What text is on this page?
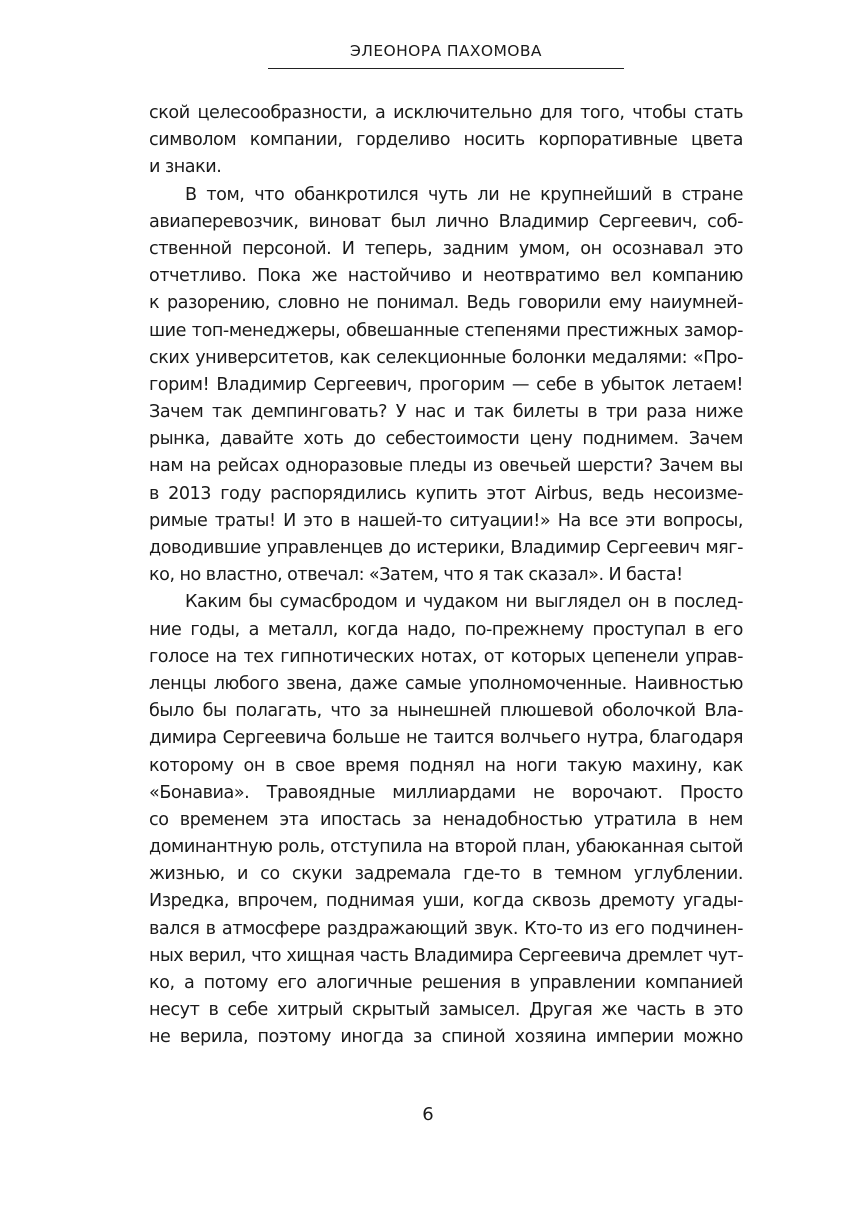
ЭЛЕОНОРА ПАХОМОВА
ской целесообразности, а исключительно для того, чтобы стать
символом компании, горделиво носить корпоративные цвета
и знаки.
В том, что обанкротился чуть ли не крупнейший в стране
авиаперевозчик, виноват был лично Владимир Сергеевич, соб-
ственной персоной. И теперь, задним умом, он осознавал это
отчетливо. Пока же настойчиво и неотвратимо вел компанию
к разорению, словно не понимал. Ведь говорили ему наиумней-
шие топ-менеджеры, обвешанные степенями престижных замор-
ских университетов, как селекционные болонки медалями: «Про-
горим! Владимир Сергеевич, прогорим — себе в убыток летаем!
Зачем так демпинговать? У нас и так билеты в три раза ниже
рынка, давайте хоть до себестоимости цену поднимем. Зачем
нам на рейсах одноразовые пледы из овечьей шерсти? Зачем вы
в 2013 году распорядились купить этот Airbus, ведь несоизме-
римые траты! И это в нашей-то ситуации!» На все эти вопросы,
доводившие управленцев до истерики, Владимир Сергеевич мяг-
ко, но властно, отвечал: «Затем, что я так сказал». И баста!
Каким бы сумасбродом и чудаком ни выглядел он в послед-
ние годы, а металл, когда надо, по-прежнему проступал в его
голосе на тех гипнотических нотах, от которых цепенели управ-
ленцы любого звена, даже самые уполномоченные. Наивностью
было бы полагать, что за нынешней плюшевой оболочкой Вла-
димира Сергеевича больше не таится волчьего нутра, благодаря
которому он в свое время поднял на ноги такую махину, как
«Бонавиа». Травоядные миллиардами не ворочают. Просто
со временем эта ипостась за ненадобностью утратила в нем
доминантную роль, отступила на второй план, убаюканная сытой
жизнью, и со скуки задремала где-то в темном углублении.
Изредка, впрочем, поднимая уши, когда сквозь дремоту угады-
вался в атмосфере раздражающий звук. Кто-то из его подчинен-
ных верил, что хищная часть Владимира Сергеевича дремлет чут-
ко, а потому его алогичные решения в управлении компанией
несут в себе хитрый скрытый замысел. Другая же часть в это
не верила, поэтому иногда за спиной хозяина империи можно
6
